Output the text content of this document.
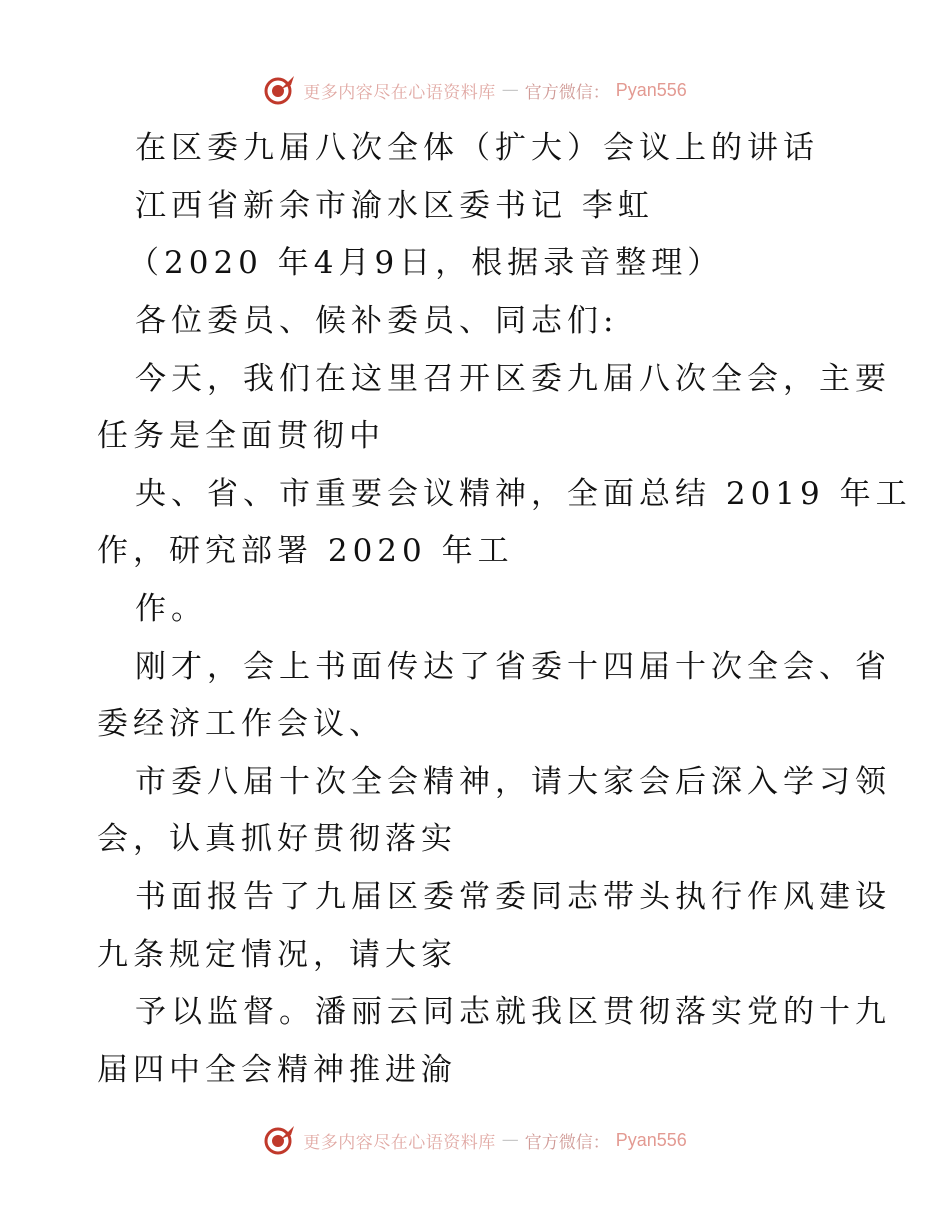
更多内容尽在心语资料库 — 官方微信： Pyan556
在区委九届八次全体（扩大）会议上的讲话
江西省新余市渝水区委书记 李虹
（2020 年4月9日，根据录音整理）
各位委员、候补委员、同志们:
今天，我们在这里召开区委九届八次全会，主要
任务是全面贯彻中
央、省、市重要会议精神，全面总结 2019 年工
作，研究部署 2020 年工
作。
刚才，会上书面传达了省委十四届十次全会、省
委经济工作会议、
市委八届十次全会精神，请大家会后深入学习领
会，认真抓好贯彻落实
书面报告了九届区委常委同志带头执行作风建设
九条规定情况，请大家
予以监督。潘丽云同志就我区贯彻落实党的十九
届四中全会精神推进渝
更多内容尽在心语资料库 — 官方微信： Pyan556
